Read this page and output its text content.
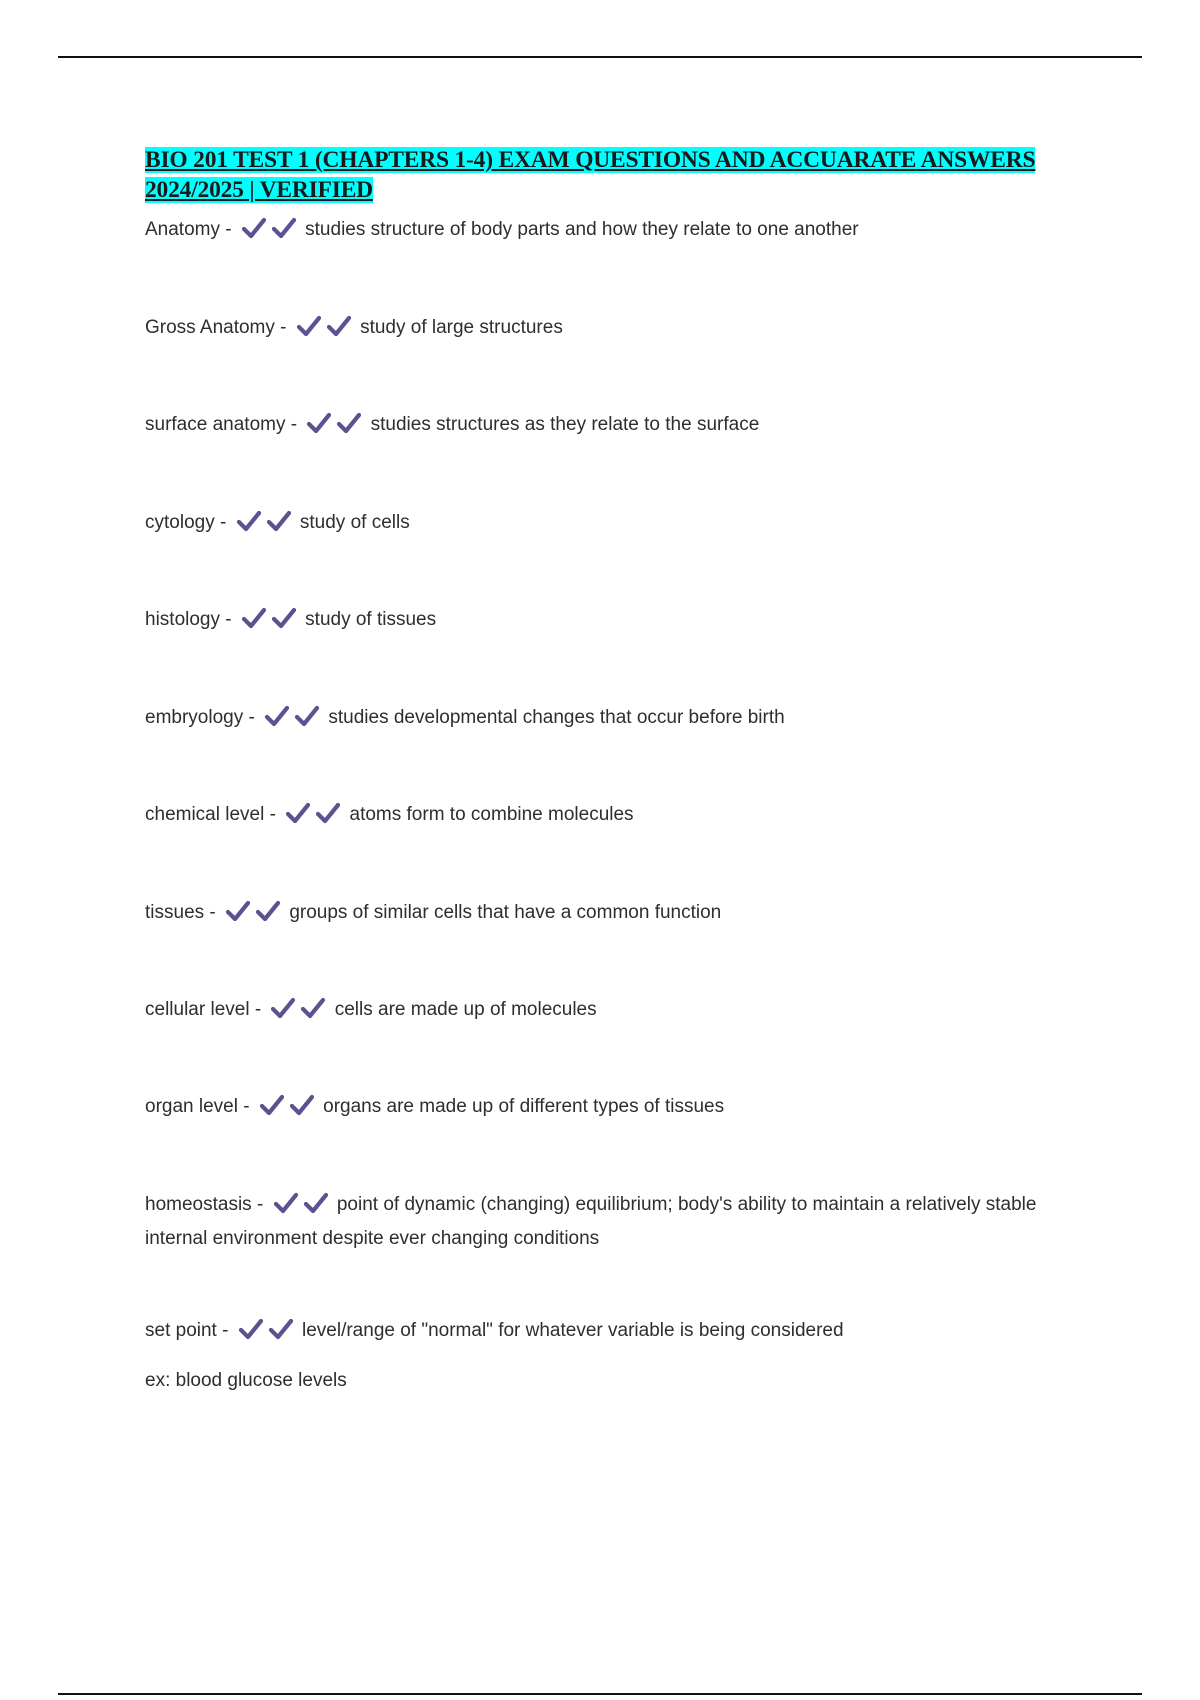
BIO 201 TEST 1 (CHAPTERS 1-4) EXAM QUESTIONS AND ACCUARATE ANSWERS 2024/2025 | VERIFIED
Anatomy -	studies structure of body parts and how they relate to one another
Gross Anatomy -	study of large structures
surface anatomy -	studies structures as they relate to the surface
cytology -	study of cells
histology -	study of tissues
embryology -	studies developmental changes that occur before birth
chemical level -	atoms form to combine molecules
tissues -	groups of similar cells that have a common function
cellular level -	cells are made up of molecules
organ level -	organs are made up of different types of tissues
homeostasis -	point of dynamic (changing) equilibrium; body's ability to maintain a relatively stable internal environment despite ever changing conditions
set point -	level/range of "normal" for whatever variable is being considered
ex: blood glucose levels
